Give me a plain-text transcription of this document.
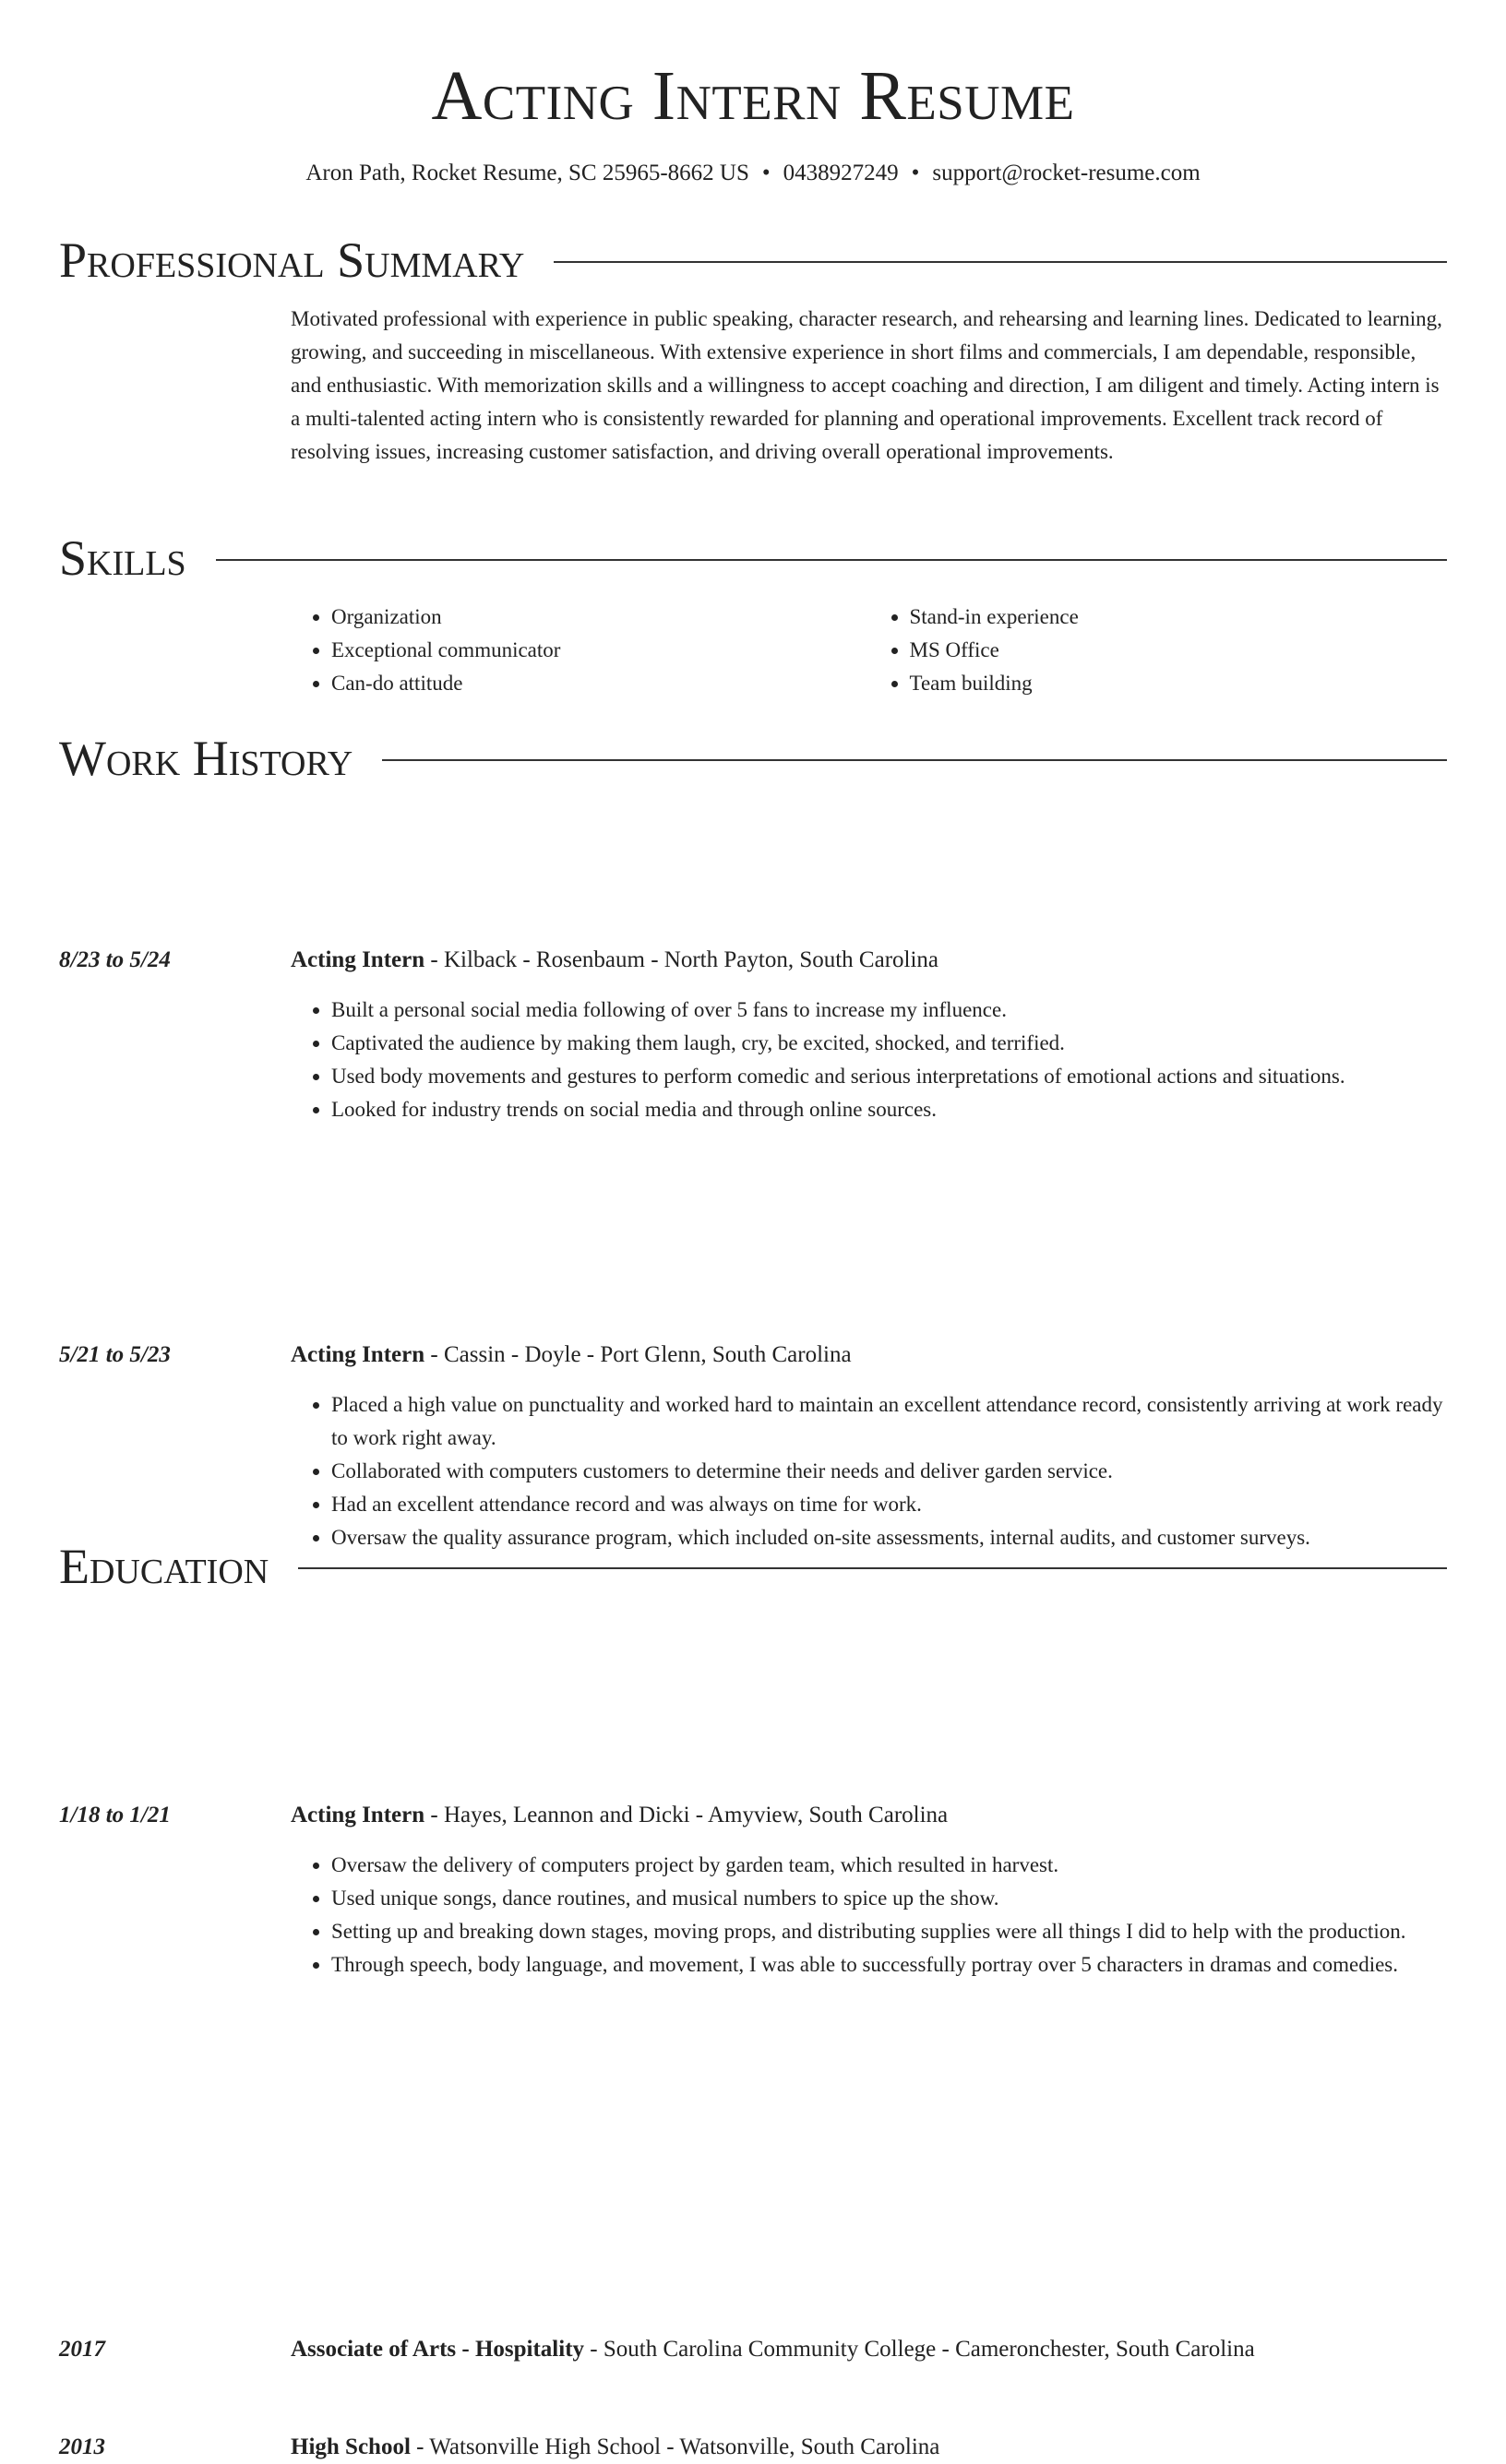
Acting Intern Resume
Aron Path, Rocket Resume, SC 25965-8662 US • 0438927249 • support@rocket-resume.com
Professional Summary

Motivated professional with experience in public speaking, character research, and rehearsing and learning lines. Dedicated to learning, growing, and succeeding in miscellaneous. With extensive experience in short films and commercials, I am dependable, responsible, and enthusiastic. With memorization skills and a willingness to accept coaching and direction, I am diligent and timely. Acting intern is a multi-talented acting intern who is consistently rewarded for planning and operational improvements. Excellent track record of resolving issues, increasing customer satisfaction, and driving overall operational improvements.

Skills
• Organization
• Exceptional communicator
• Can-do attitude
• Stand-in experience
• MS Office
• Team building
Work History
8/23 to 5/24	Acting Intern - Kilback - Rosenbaum - North Payton, South Carolina

• Built a personal social media following of over 5 fans to increase my influence.
• Captivated the audience by making them laugh, cry, be excited, shocked, and terrified.
• Used body movements and gestures to perform comedic and serious interpretations of emotional actions and situations.
• Looked for industry trends on social media and through online sources.
5/21 to 5/23	Acting Intern - Cassin - Doyle - Port Glenn, South Carolina

• Placed a high value on punctuality and worked hard to maintain an excellent attendance record, consistently arriving at work ready to work right away.
• Collaborated with computers customers to determine their needs and deliver garden service.
• Had an excellent attendance record and was always on time for work.
• Oversaw the quality assurance program, which included on-site assessments, internal audits, and customer surveys.
1/18 to 1/21	Acting Intern - Hayes, Leannon and Dicki - Amyview, South Carolina

• Oversaw the delivery of computers project by garden team, which resulted in harvest.
• Used unique songs, dance routines, and musical numbers to spice up the show.
• Setting up and breaking down stages, moving props, and distributing supplies were all things I did to help with the production.
• Through speech, body language, and movement, I was able to successfully portray over 5 characters in dramas and comedies.
Education
2017	Associate of Arts - Hospitality - South Carolina Community College - Cameronchester, South Carolina

2013	High School - Watsonville High School - Watsonville, South Carolina
